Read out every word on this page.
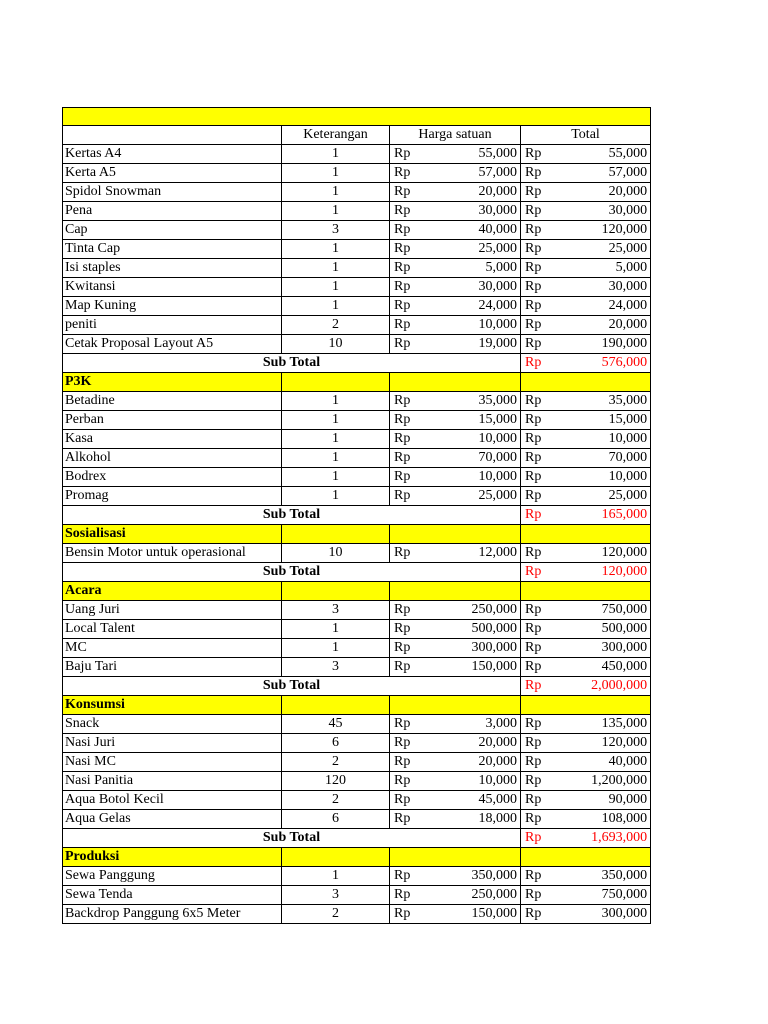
	Keterangan	Harga satuan		Total	
Kertas A4	1	Rp	55,000	Rp	55,000
Kerta A5	1	Rp	57,000	Rp	57,000
Spidol Snowman	1	Rp	20,000	Rp	20,000
Pena	1	Rp	30,000	Rp	30,000
Cap	3	Rp	40,000	Rp	120,000
Tinta Cap	1	Rp	25,000	Rp	25,000
Isi staples	1	Rp	5,000	Rp	5,000
Kwitansi	1	Rp	30,000	Rp	30,000
Map Kuning	1	Rp	24,000	Rp	24,000
peniti	2	Rp	10,000	Rp	20,000
Cetak Proposal Layout A5	10	Rp	19,000	Rp	190,000
Sub Total				Rp	576,000
P3K					
Betadine	1	Rp	35,000	Rp	35,000
Perban	1	Rp	15,000	Rp	15,000
Kasa	1	Rp	10,000	Rp	10,000
Alkohol	1	Rp	70,000	Rp	70,000
Bodrex	1	Rp	10,000	Rp	10,000
Promag	1	Rp	25,000	Rp	25,000
Sub Total				Rp	165,000
Sosialisasi					
Bensin Motor untuk operasional	10	Rp	12,000	Rp	120,000
Sub Total				Rp	120,000
Acara					
Uang Juri	3	Rp	250,000	Rp	750,000
Local Talent	1	Rp	500,000	Rp	500,000
MC	1	Rp	300,000	Rp	300,000
Baju Tari	3	Rp	150,000	Rp	450,000
Sub Total				Rp	2,000,000
Konsumsi					
Snack	45	Rp	3,000	Rp	135,000
Nasi Juri	6	Rp	20,000	Rp	120,000
Nasi MC	2	Rp	20,000	Rp	40,000
Nasi Panitia	120	Rp	10,000	Rp	1,200,000
Aqua Botol Kecil	2	Rp	45,000	Rp	90,000
Aqua Gelas	6	Rp	18,000	Rp	108,000
Sub Total				Rp	1,693,000
Produksi					
Sewa Panggung	1	Rp	350,000	Rp	350,000
Sewa Tenda	3	Rp	250,000	Rp	750,000
Backdrop Panggung 6x5 Meter	2	Rp	150,000	Rp	300,000
